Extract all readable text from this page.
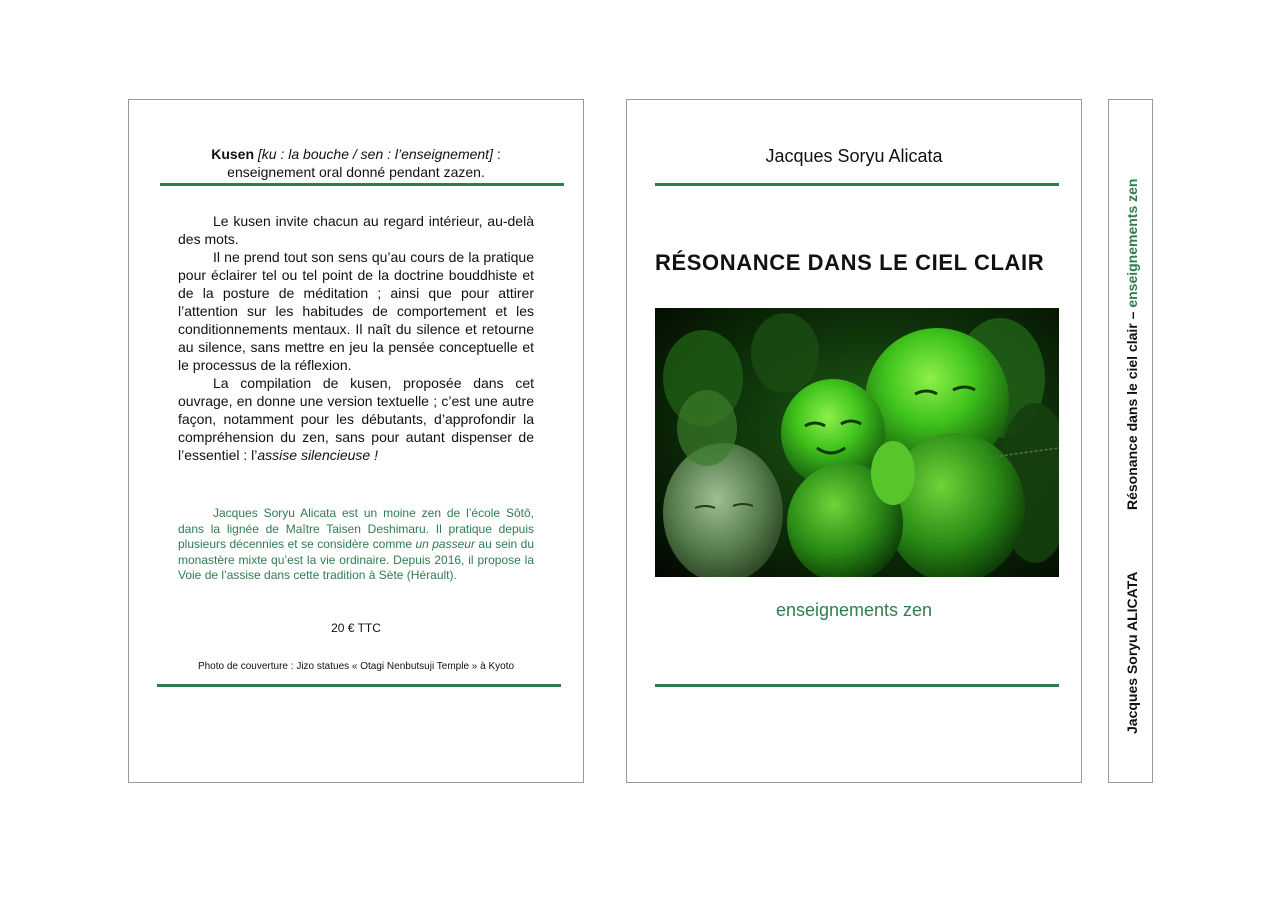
Kusen [ku : la bouche / sen : l’enseignement] :
enseignement oral donné pendant zazen.

Le kusen invite chacun au regard intérieur, au-delà des mots.

Il ne prend tout son sens qu’au cours de la pratique pour éclairer tel ou tel point de la doctrine bouddhiste et de la posture de méditation ; ainsi que pour attirer l’attention sur les habitudes de comportement et les conditionnements mentaux. Il naît du silence et retourne au silence, sans mettre en jeu la pensée conceptuelle et le processus de la réflexion.

La compilation de kusen, proposée dans cet ouvrage, en donne une version textuelle ; c’est une autre façon, notamment pour les débutants, d’approfondir la compréhension du zen, sans pour autant dispenser de l’essentiel : l’assise silencieuse !

Jacques Soryu Alicata est un moine zen de l’école Sôtô, dans la lignée de Maître Taisen Deshimaru. Il pratique depuis plusieurs décennies et se considère comme un passeur au sein du monastère mixte qu’est la vie ordinaire. Depuis 2016, il propose la Voie de l’assise dans cette tradition à Sète (Hérault).

20 € TTC
Photo de couverture : Jizo statues « Otagi Nenbutsuji Temple » à Kyoto
Jacques Soryu Alicata
RÉSONANCE DANS LE CIEL CLAIR
enseignements zen
Résonance dans le ciel clair – enseignements zen
Jacques Soryu ALICATA
